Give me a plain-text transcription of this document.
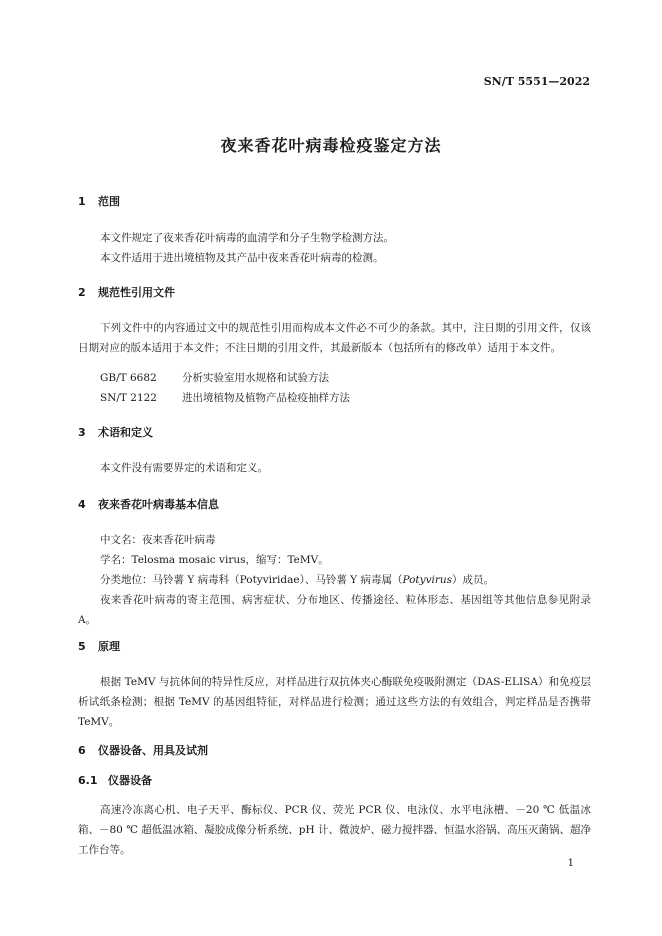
SN/T 5551—2022
夜来香花叶病毒检疫鉴定方法
1 范围
本文件规定了夜来香花叶病毒的血清学和分子生物学检测方法。
本文件适用于进出境植物及其产品中夜来香花叶病毒的检测。
2 规范性引用文件
下列文件中的内容通过文中的规范性引用而构成本文件必不可少的条款。其中，注日期的引用文件，仅该日期对应的版本适用于本文件；不注日期的引用文件，其最新版本（包括所有的修改单）适用于本文件。
GB/T 6682 分析实验室用水规格和试验方法
SN/T 2122 进出境植物及植物产品检疫抽样方法
3 术语和定义
本文件没有需要界定的术语和定义。
4 夜来香花叶病毒基本信息
中文名：夜来香花叶病毒
学名：Telosma mosaic virus，缩写：TeMV。
分类地位：马铃薯 Y 病毒科（Potyviridae）、马铃薯 Y 病毒属（Potyvirus）成员。
夜来香花叶病毒的寄主范围、病害症状、分布地区、传播途径、粒体形态、基因组等其他信息参见附录 A。
5 原理
根据 TeMV 与抗体间的特异性反应，对样品进行双抗体夹心酶联免疫吸附测定（DAS-ELISA）和免疫层析试纸条检测；根据 TeMV 的基因组特征，对样品进行检测；通过这些方法的有效组合，判定样品是否携带 TeMV。
6 仪器设备、用具及试剂
6.1 仪器设备
高速冷冻离心机、电子天平、酶标仪、PCR 仪、荧光 PCR 仪、电泳仪、水平电泳槽、－20 ℃ 低温冰箱、－80 ℃ 超低温冰箱、凝胶成像分析系统、pH 计、微波炉、磁力搅拌器、恒温水浴锅、高压灭菌锅、超净工作台等。
1
